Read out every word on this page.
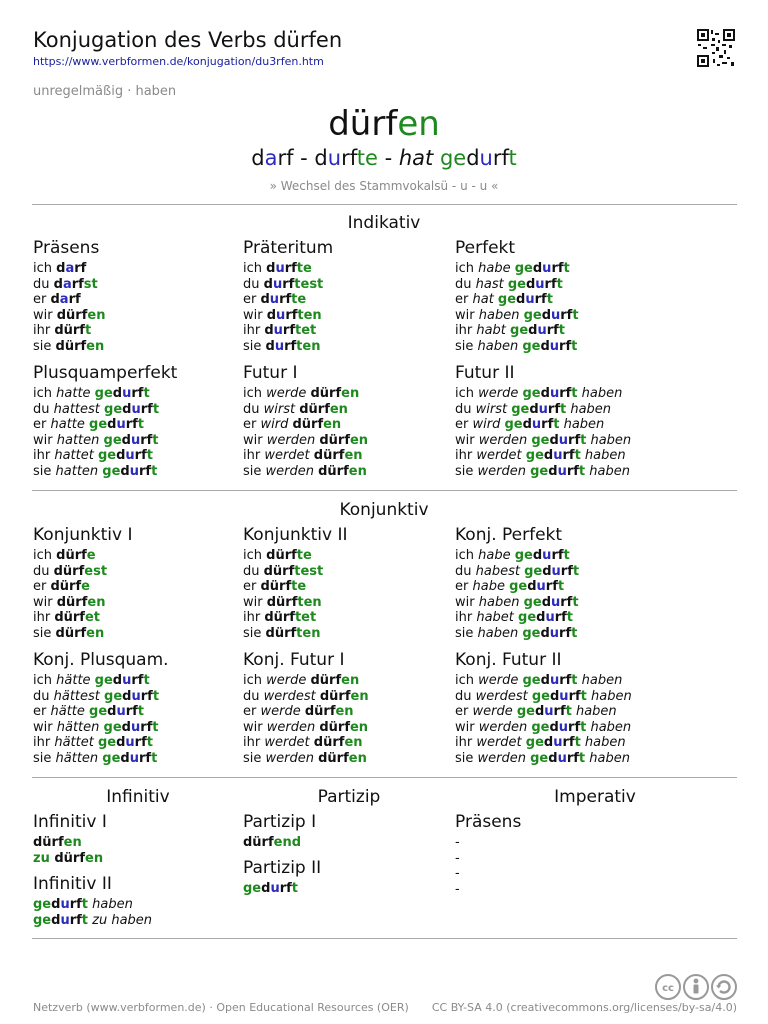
Konjugation des Verbs dürfen
https://www.verbformen.de/konjugation/du3rfen.htm
unregelmäßig · haben
dürfen
darf - durfte - hat gedurft
» Wechsel des Stammvokalsü - u - u «
Indikativ
Präsens
ich darf
du darfst
er darf
wir dürfen
ihr dürft
sie dürfen
Präteritum
ich durfte
du durftest
er durfte
wir durften
ihr durftet
sie durften
Perfekt
ich habe gedurft
du hast gedurft
er hat gedurft
wir haben gedurft
ihr habt gedurft
sie haben gedurft
Plusquamperfekt
ich hatte gedurft
du hattest gedurft
er hatte gedurft
wir hatten gedurft
ihr hattet gedurft
sie hatten gedurft
Futur I
ich werde dürfen
du wirst dürfen
er wird dürfen
wir werden dürfen
ihr werdet dürfen
sie werden dürfen
Futur II
ich werde gedurft haben
du wirst gedurft haben
er wird gedurft haben
wir werden gedurft haben
ihr werdet gedurft haben
sie werden gedurft haben
Konjunktiv
Konjunktiv I
ich dürfe
du dürfest
er dürfe
wir dürfen
ihr dürfet
sie dürfen
Konjunktiv II
ich dürfte
du dürftest
er dürfte
wir dürften
ihr dürftet
sie dürften
Konj. Perfekt
ich habe gedurft
du habest gedurft
er habe gedurft
wir haben gedurft
ihr habet gedurft
sie haben gedurft
Konj. Plusquam.
ich hätte gedurft
du hättest gedurft
er hätte gedurft
wir hätten gedurft
ihr hättet gedurft
sie hätten gedurft
Konj. Futur I
ich werde dürfen
du werdest dürfen
er werde dürfen
wir werden dürfen
ihr werdet dürfen
sie werden dürfen
Konj. Futur II
ich werde gedurft haben
du werdest gedurft haben
er werde gedurft haben
wir werden gedurft haben
ihr werdet gedurft haben
sie werden gedurft haben
Infinitiv	Partizip	Imperativ
Infinitiv I
dürfen
zu dürfen
Infinitiv II
gedurft haben
gedurft zu haben
Partizip I
dürfend
Partizip II
gedurft
Präsens
-
-
-
-
cc
Netzverb (www.verbformen.de) · Open Educational Resources (OER) CC BY-SA 4.0 (creativecommons.org/licenses/by-sa/4.0)
